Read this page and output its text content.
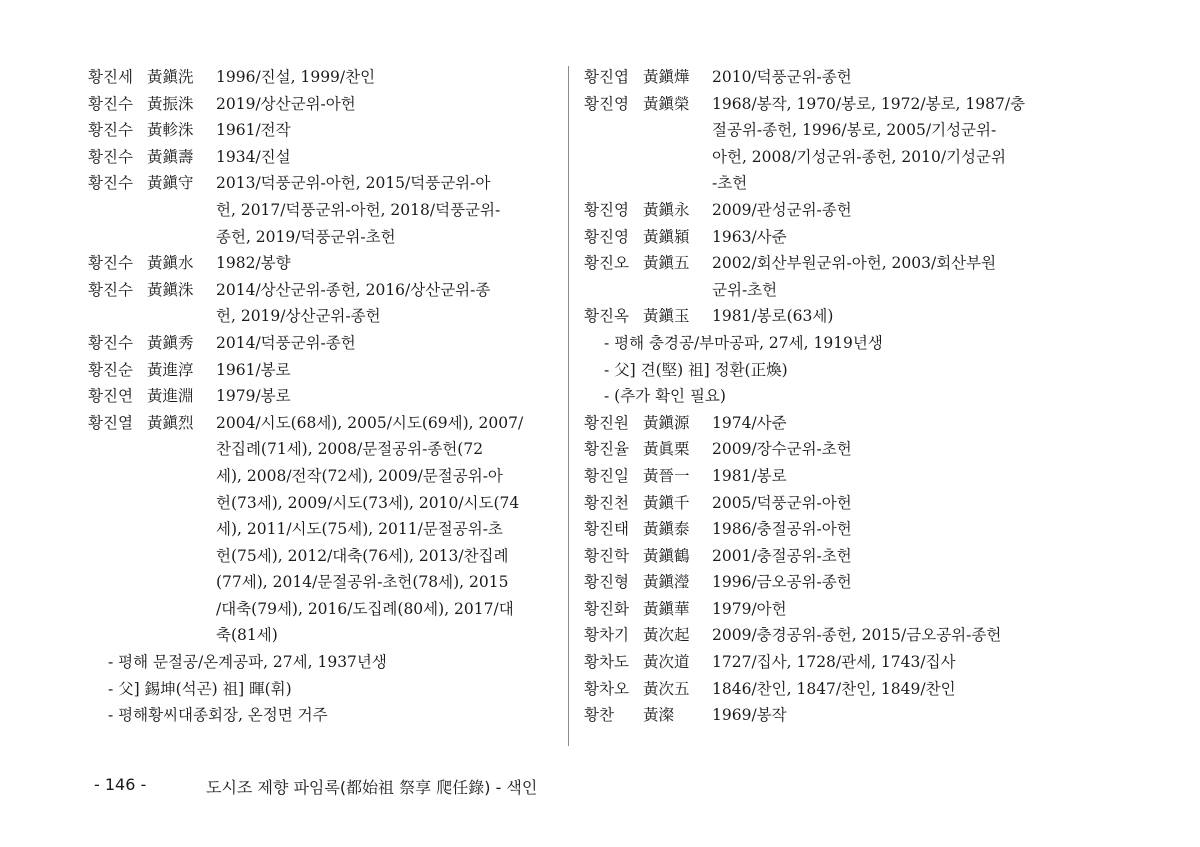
황진세 黃鎭洗 1996/진설, 1999/찬인
황진수 黃振洙 2019/상산군위-아헌
황진수 黃軫洙 1961/전작
황진수 黃鎭壽 1934/진설
황진수 黃鎭守 2013/덕풍군위-아헌, 2015/덕풍군위-아
헌, 2017/덕풍군위-아헌, 2018/덕풍군위-
종헌, 2019/덕풍군위-초헌
황진수 黃鎭水 1982/봉향
황진수 黃鎭洙 2014/상산군위-종헌, 2016/상산군위-종
헌, 2019/상산군위-종헌
황진수 黃鎭秀 2014/덕풍군위-종헌
황진순 黃進淳 1961/봉로
황진연 黃進淵 1979/봉로
황진열 黃鎭烈 2004/시도(68세), 2005/시도(69세), 2007/
찬집례(71세), 2008/문절공위-종헌(72
세), 2008/전작(72세), 2009/문절공위-아
헌(73세), 2009/시도(73세), 2010/시도(74
세), 2011/시도(75세), 2011/문절공위-초
헌(75세), 2012/대축(76세), 2013/찬집례
(77세), 2014/문절공위-초헌(78세), 2015
/대축(79세), 2016/도집례(80세), 2017/대
축(81세)
- 평해 문절공/온계공파, 27세, 1937년생
- 父] 錫坤(석곤) 祖] 暉(휘)
- 평해황씨대종회장, 온정면 거주
황진엽 黃鎭燁 2010/덕풍군위-종헌
황진영 黃鎭榮 1968/봉작, 1970/봉로, 1972/봉로, 1987/충
절공위-종헌, 1996/봉로, 2005/기성군위-
아헌, 2008/기성군위-종헌, 2010/기성군위
-초헌
황진영 黃鎭永 2009/관성군위-종헌
황진영 黃鎭潁 1963/사준
황진오 黃鎭五 2002/회산부원군위-아헌, 2003/회산부원
군위-초헌
황진옥 黃鎭玉 1981/봉로(63세)
- 평해 충경공/부마공파, 27세, 1919년생
- 父] 견(堅) 祖] 정환(正煥)
- (추가 확인 필요)
황진원 黃鎭源 1974/사준
황진율 黃眞栗 2009/장수군위-초헌
황진일 黃晉一 1981/봉로
황진천 黃鎭千 2005/덕풍군위-아헌
황진태 黃鎭泰 1986/충절공위-아헌
황진학 黃鎭鶴 2001/충절공위-초헌
황진형 黃鎭瀅 1996/금오공위-종헌
황진화 黃鎭華 1979/아헌
황차기 黃次起 2009/충경공위-종헌, 2015/금오공위-종헌
황차도 黃次道 1727/집사, 1728/관세, 1743/집사
황차오 黃次五 1846/찬인, 1847/찬인, 1849/찬인
황찬 黃澯 1969/봉작
- 146 -	도시조 제향 파임록(都始祖 祭享 爬任錄) - 색인
